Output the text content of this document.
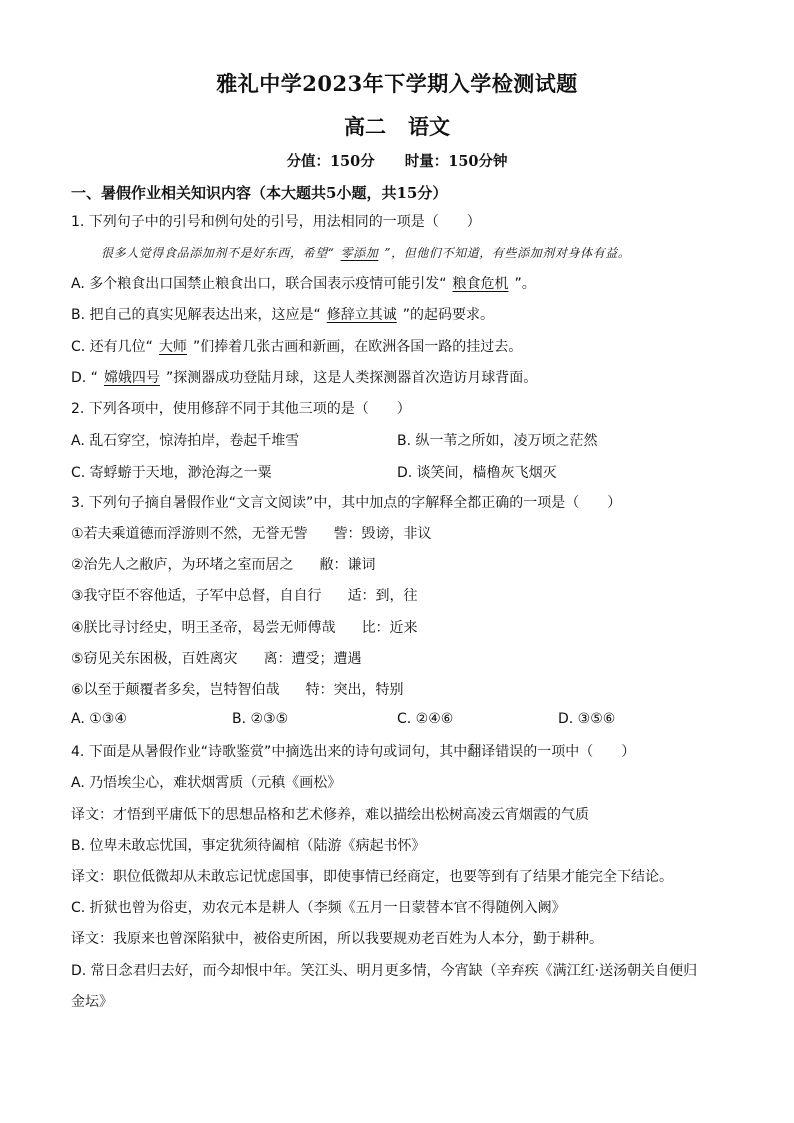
雅礼中学2023年下学期入学检测试题
高二 语文
分值：150分 时量：150分钟
一、暑假作业相关知识内容（本大题共5小题，共15分）
1. 下列句子中的引号和例句处的引号，用法相同的一项是（　　）
很多人觉得食品添加剂不是好东西，希望“ 零添加 ”，但他们不知道，有些添加剂对身体有益。
A. 多个粮食出口国禁止粮食出口，联合国表示疫情可能引发“ 粮食危机 ”。
B. 把自己的真实见解表达出来，这应是“ 修辞立其诚 ”的起码要求。
C. 还有几位“ 大师 ”们捧着几张古画和新画，在欧洲各国一路的挂过去。
D. “ 嫦娥四号 ”探测器成功登陆月球，这是人类探测器首次造访月球背面。
2. 下列各项中，使用修辞不同于其他三项的是（　　）
A. 乱石穿空，惊涛拍岸，卷起千堆雪	B. 纵一苇之所如，凌万顷之茫然
C. 寄蜉蝣于天地，渺沧海之一粟	D. 谈笑间，樯橹灰飞烟灭
3. 下列句子摘自暑假作业“文言文阅读”中，其中加点的字解释全都正确的一项是（　　）
①若夫乘道德而浮游则不然，无誉无訾 訾：毁谤，非议
②治先人之敝庐，为环堵之室而居之 敝：谦词
③我守臣不容他适，子军中总督，自自行 适：到，往
④朕比寻讨经史，明王圣帝，曷尝无师傅哉 比：近来
⑤窃见关东困极，百姓离灾 离：遭受；遭遇
⑥以至于颠覆者多矣，岂特智伯哉 特：突出，特别
A. ①③④	B. ②③⑤	C. ②④⑥	D. ③⑤⑥
4. 下面是从暑假作业“诗歌鉴赏”中摘选出来的诗句或词句，其中翻译错误的一项中（　　）
A. 乃悟埃尘心，难状烟霄质（元稹《画松》
译文：才悟到平庸低下的思想品格和艺术修养，难以描绘出松树高凌云宵烟霞的气质
B. 位卑未敢忘忧国，事定犹须待阖棺（陆游《病起书怀》
译文：职位低微却从未敢忘记忧虑国事，即使事情已经商定，也要等到有了结果才能完全下结论。
C. 折狱也曾为俗吏，劝农元本是耕人（李频《五月一日蒙替本官不得随例入阙》
译文：我原来也曾深陷狱中，被俗吏所困，所以我要规劝老百姓为人本分，勤于耕种。
D. 常日念君归去好，而今却恨中年。笑江头、明月更多情，今宵缺（辛弃疾《满江红·送汤朝关自便归
金坛》
